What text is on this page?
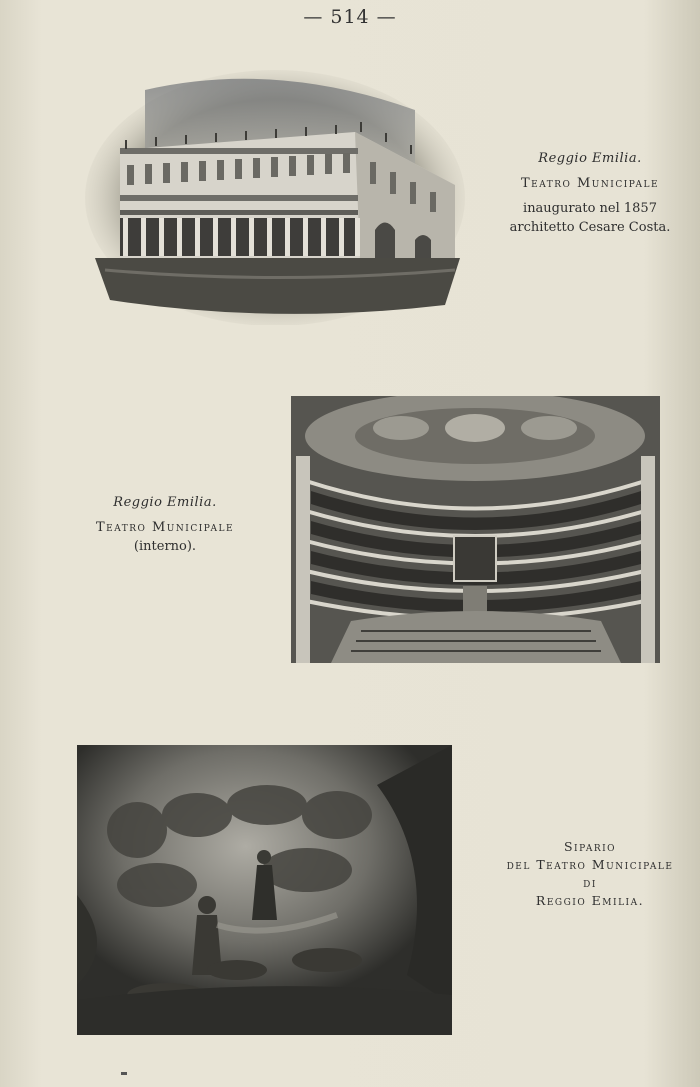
— 514 —
Reggio Emilia.
Teatro Municipale
inaugurato nel 1857
architetto Cesare Costa.
Reggio Emilia.
Teatro Municipale
(interno).
Sipario
del Teatro Municipale
di
Reggio Emilia.
